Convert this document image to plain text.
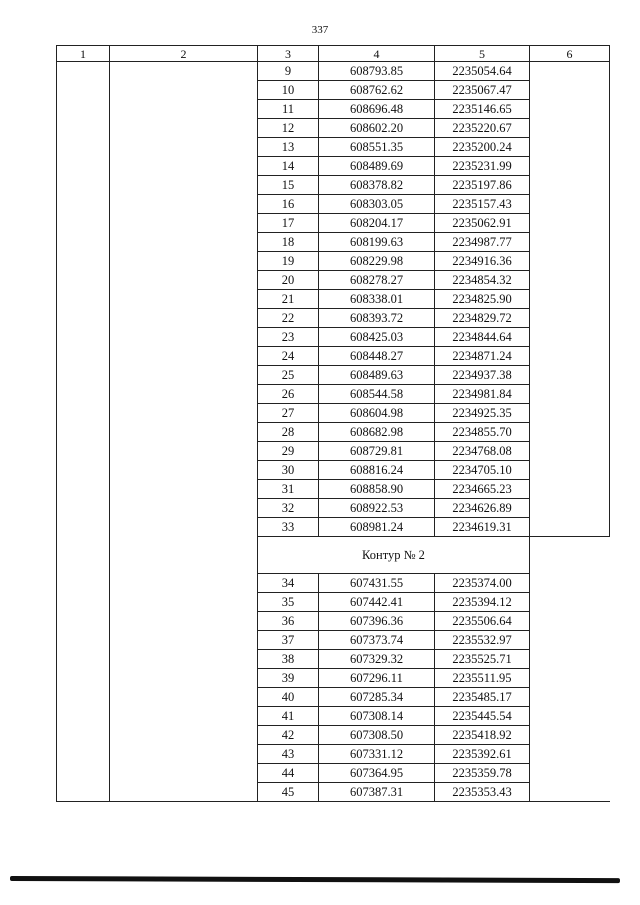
337
1	2	3	4	5	6
		9	608793.85	2235054.64	
		10	608762.62	2235067.47	
		11	608696.48	2235146.65	
		12	608602.20	2235220.67	
		13	608551.35	2235200.24	
		14	608489.69	2235231.99	
		15	608378.82	2235197.86	
		16	608303.05	2235157.43	
		17	608204.17	2235062.91	
		18	608199.63	2234987.77	
		19	608229.98	2234916.36	
		20	608278.27	2234854.32	
		21	608338.01	2234825.90	
		22	608393.72	2234829.72	
		23	608425.03	2234844.64	
		24	608448.27	2234871.24	
		25	608489.63	2234937.38	
		26	608544.58	2234981.84	
		27	608604.98	2234925.35	
		28	608682.98	2234855.70	
		29	608729.81	2234768.08	
		30	608816.24	2234705.10	
		31	608858.90	2234665.23	
		32	608922.53	2234626.89	
		33	608981.24	2234619.31	
		Контур № 2			
		34	607431.55	2235374.00	
		35	607442.41	2235394.12	
		36	607396.36	2235506.64	
		37	607373.74	2235532.97	
		38	607329.32	2235525.71	
		39	607296.11	2235511.95	
		40	607285.34	2235485.17	
		41	607308.14	2235445.54	
		42	607308.50	2235418.92	
		43	607331.12	2235392.61	
		44	607364.95	2235359.78	
		45	607387.31	2235353.43	
